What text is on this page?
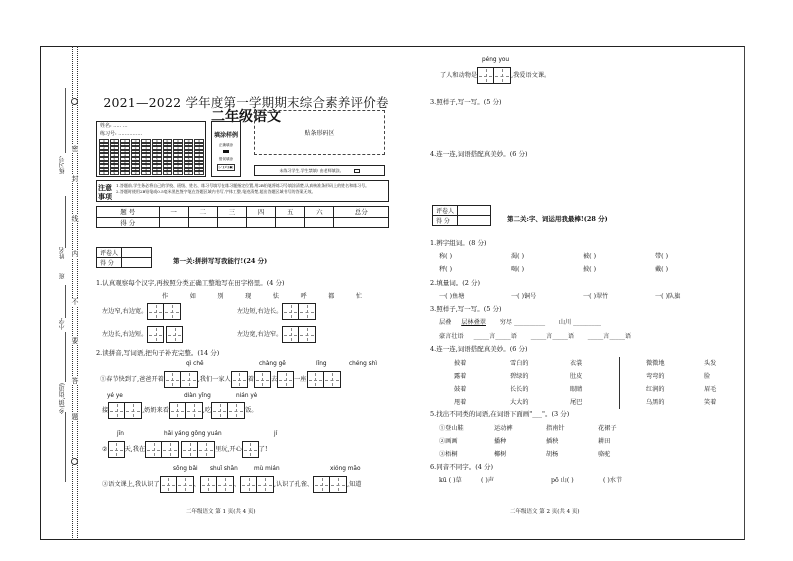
密
封
线
内
不
要
答
题
练习号
姓名
班
小学
乡(镇,街道)
2021—2022 学年度第一学期期末综合素养评价卷
二年级语文
姓名: ..... ...
练习号: ...............
0
1
2
3
4
5
6
7
8
9
0
1
2
3
4
5
6
7
8
9
0
1
2
3
4
5
6
7
8
9
0
1
2
3
4
5
6
7
8
9
0
1
2
3
4
5
6
7
8
9
0
1
2
3
4
5
6
7
8
9
0
1
2
3
4
5
6
7
8
9
0
1
2
3
4
5
6
7
8
9
0
1
2
3
4
5
6
7
8
9
0
1
2
3
4
5
6
7
8
9
填涂样例
正确填涂
错误填涂
[✓][✗][●]
贴条形码区
未练习学生,学生禁填! 由老师填涂。
注意事项
1.答题前,学生务必将自己的学校、班级、姓名、练习号填写在练习题指定位置,用2B铅笔将练习号填涂清楚,认真核准条形码上的姓名和练习号。
2.答题时使用2B铅笔或0.5毫米黑色签字笔在答题区域内书写,字体工整,笔迹清楚,超出答题区域书写的答案无效。
题 号	一	二	三	四	五	六	总分
得 分							
评卷人	
得 分		第一关:拼拼写写我能行!(24 分)
1.认真观察每个汉字,再按照分类正确工整地写在田字格里。(4 分)
作	如	别	现	怯	呼	都	忙
左边窄,右边宽。	左边短,右边长。
左边长,右边短。	左边宽,右边窄。
2.读拼音,写词语,把句子补充完整。(14 分)
qì chē	chàng gē	lǐng	chéng shì
①春节快到了,爸爸开着	,我们一家人	着	去	一座
yé ye	diàn yǐng	nián yè
接	,奶奶来看	,吃	饭。
jīn	hǎi yáng gōng yuán	jí
②	天,我在
	里玩,开心	了!
sōng bǎi shuǐ shān	mù mián	xióng māo
③语文课上,我认识了	、	、	,认识了孔雀、	,知道
二年级语文 第 1 页(共 4 页)
péng you
了人和动物是	,我爱语文课。
3.照样子,写一写。(5 分)
4.连一连,词语搭配真美妙。(6 分)
评卷人	
得 分		第二关:字、词运用我最棒!(28 分)
1.辨字组词。(8 分)
称( )	渴( )	被( )	带( )
秤( )	喝( )	披( )	戴( )
2.填量词。(2 分)
一( )鱼塘	一( )铜号	一( )翠竹	一( )队旗
3.照样子,写一写。(5 分)
层叠 层林叠翠 穷尽 __________ 山川 _________
豪言壮语 _____言_____语 _____言_____语 _____言_____语
4.连一连,词语搭配真美妙。(6 分)
披着
露着
鼓着
甩着
雪白的
碧绿的
长长的
大大的
衣裳
肚皮
眼睛
尾巴
微微地
弯弯的
红润的
乌黑的
头发
脸
眉毛
笑着
5.找出不同类的词语,在词语下面画"___"。(3 分)
①登山鞋	运动裤	指南针	花裙子
②画画	播种	插秧	耕田
③梧桐	椰树	胡杨	骆驼
6.同音不同字。(4 分)
kū ( )草	( )声	pō 山( )	( )水节
二年级语文 第 2 页(共 4 页)
